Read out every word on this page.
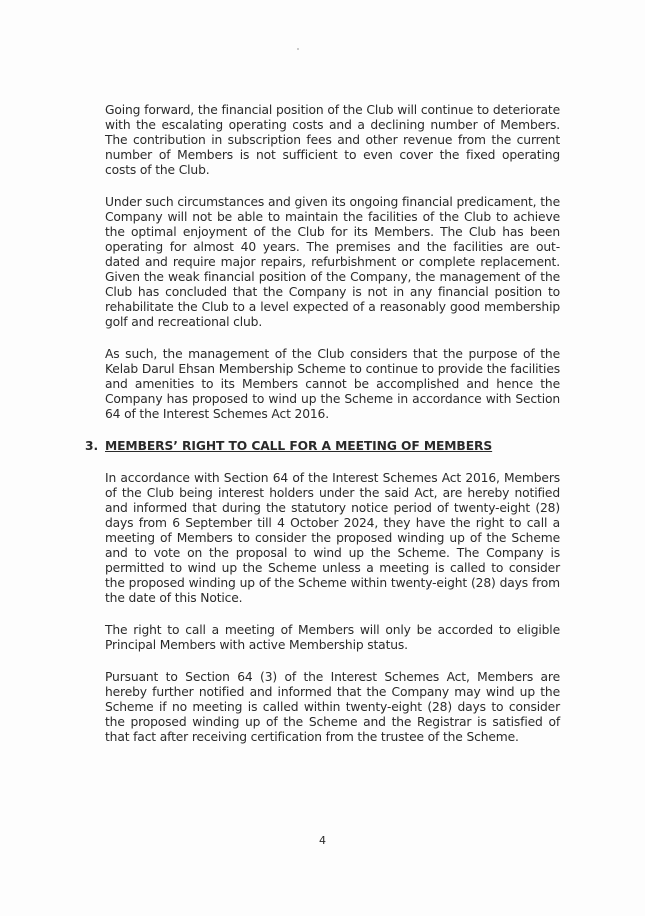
Going forward, the financial position of the Club will continue to deteriorate with the escalating operating costs and a declining number of Members. The contribution in subscription fees and other revenue from the current number of Members is not sufficient to even cover the fixed operating costs of the Club.

Under such circumstances and given its ongoing financial predicament, the Company will not be able to maintain the facilities of the Club to achieve the optimal enjoyment of the Club for its Members. The Club has been operating for almost 40 years. The premises and the facilities are out-dated and require major repairs, refurbishment or complete replacement. Given the weak financial position of the Company, the management of the Club has concluded that the Company is not in any financial position to rehabilitate the Club to a level expected of a reasonably good membership golf and recreational club.

As such, the management of the Club considers that the purpose of the Kelab Darul Ehsan Membership Scheme to continue to provide the facilities and amenities to its Members cannot be accomplished and hence the Company has proposed to wind up the Scheme in accordance with Section 64 of the Interest Schemes Act 2016.

3. MEMBERS’ RIGHT TO CALL FOR A MEETING OF MEMBERS

In accordance with Section 64 of the Interest Schemes Act 2016, Members of the Club being interest holders under the said Act, are hereby notified and informed that during the statutory notice period of twenty-eight (28) days from 6 September till 4 October 2024, they have the right to call a meeting of Members to consider the proposed winding up of the Scheme and to vote on the proposal to wind up the Scheme. The Company is permitted to wind up the Scheme unless a meeting is called to consider the proposed winding up of the Scheme within twenty-eight (28) days from the date of this Notice.

The right to call a meeting of Members will only be accorded to eligible Principal Members with active Membership status.

Pursuant to Section 64 (3) of the Interest Schemes Act, Members are hereby further notified and informed that the Company may wind up the Scheme if no meeting is called within twenty-eight (28) days to consider the proposed winding up of the Scheme and the Registrar is satisfied of that fact after receiving certification from the trustee of the Scheme.

4
